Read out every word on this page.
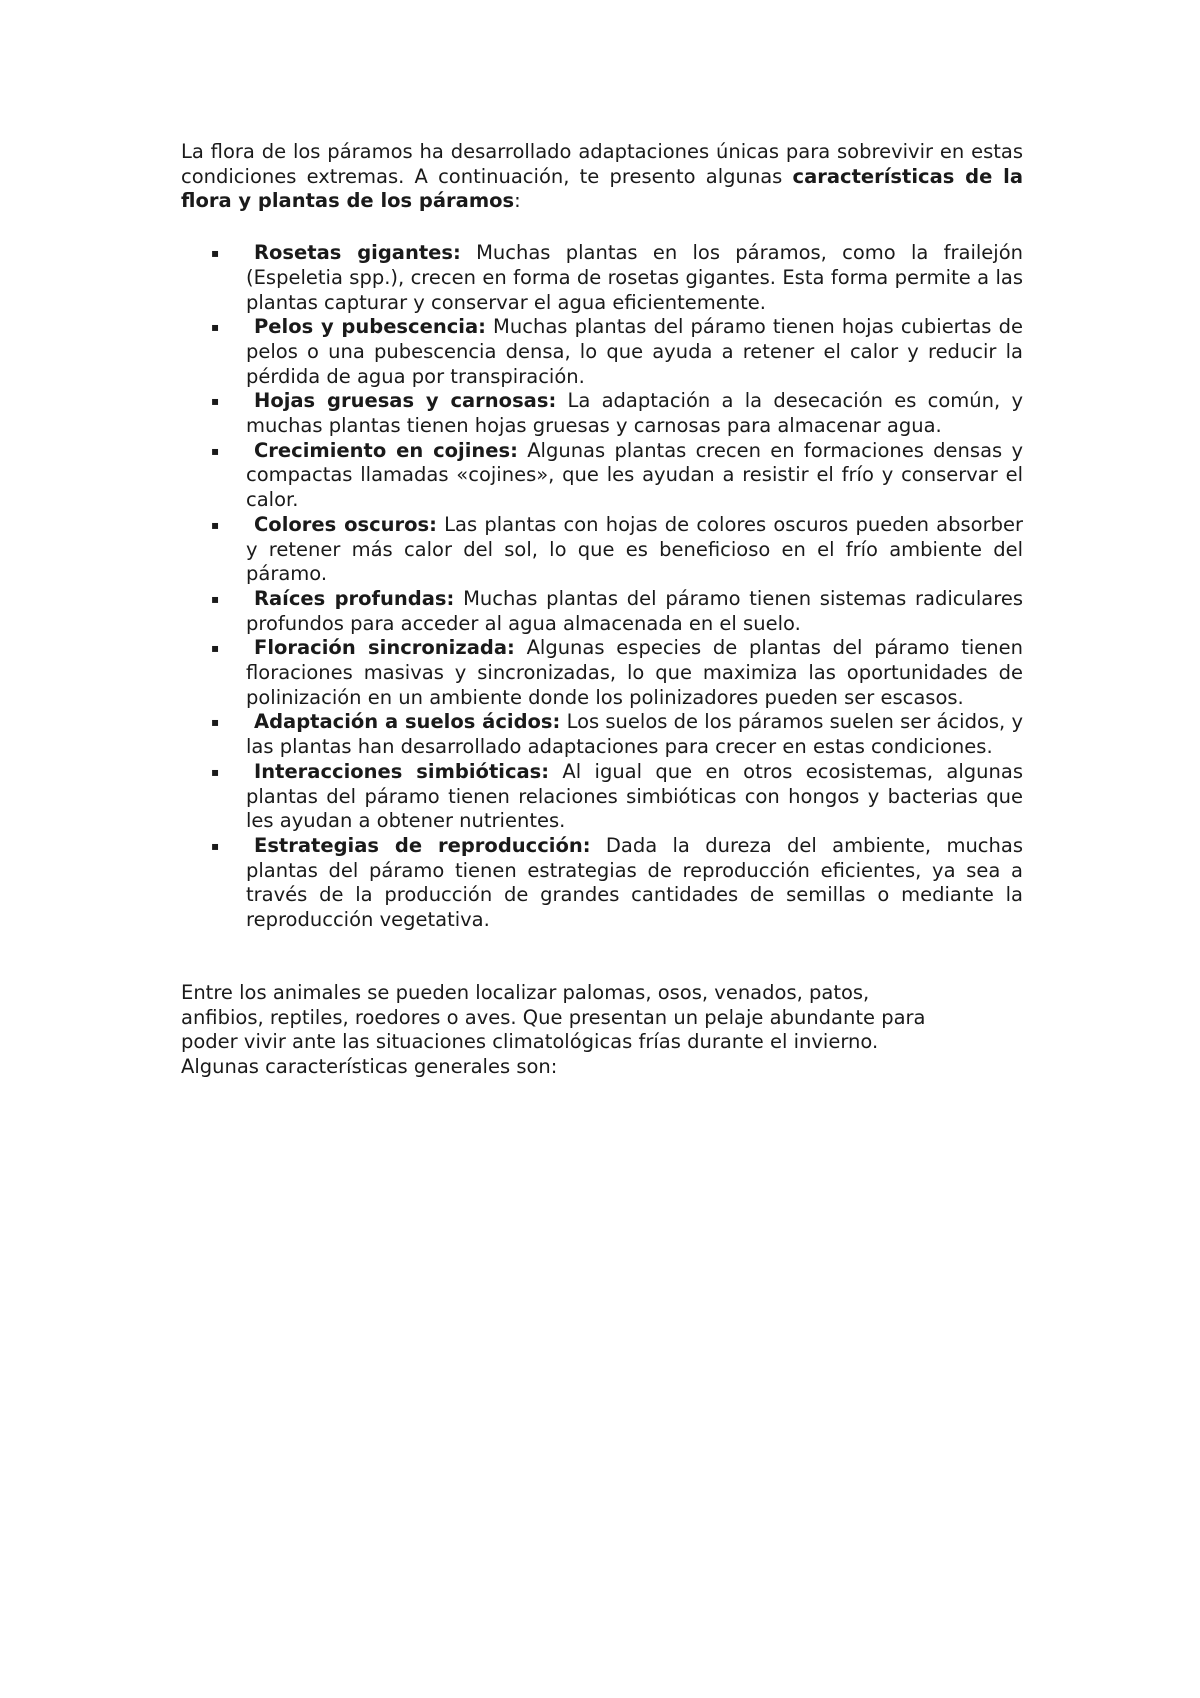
La flora de los páramos ha desarrollado adaptaciones únicas para sobrevivir en estas condiciones extremas. A continuación, te presento algunas características de la flora y plantas de los páramos:

▪ Rosetas gigantes: Muchas plantas en los páramos, como la frailejón (Espeletia spp.), crecen en forma de rosetas gigantes. Esta forma permite a las plantas capturar y conservar el agua eficientemente.
▪ Pelos y pubescencia: Muchas plantas del páramo tienen hojas cubiertas de pelos o una pubescencia densa, lo que ayuda a retener el calor y reducir la pérdida de agua por transpiración.
▪ Hojas gruesas y carnosas: La adaptación a la desecación es común, y muchas plantas tienen hojas gruesas y carnosas para almacenar agua.
▪ Crecimiento en cojines: Algunas plantas crecen en formaciones densas y compactas llamadas «cojines», que les ayudan a resistir el frío y conservar el calor.
▪ Colores oscuros: Las plantas con hojas de colores oscuros pueden absorber y retener más calor del sol, lo que es beneficioso en el frío ambiente del páramo.
▪ Raíces profundas: Muchas plantas del páramo tienen sistemas radiculares profundos para acceder al agua almacenada en el suelo.
▪ Floración sincronizada: Algunas especies de plantas del páramo tienen floraciones masivas y sincronizadas, lo que maximiza las oportunidades de polinización en un ambiente donde los polinizadores pueden ser escasos.
▪ Adaptación a suelos ácidos: Los suelos de los páramos suelen ser ácidos, y las plantas han desarrollado adaptaciones para crecer en estas condiciones.
▪ Interacciones simbióticas: Al igual que en otros ecosistemas, algunas plantas del páramo tienen relaciones simbióticas con hongos y bacterias que les ayudan a obtener nutrientes.
▪ Estrategias de reproducción: Dada la dureza del ambiente, muchas plantas del páramo tienen estrategias de reproducción eficientes, ya sea a través de la producción de grandes cantidades de semillas o mediante la reproducción vegetativa.

Entre los animales se pueden localizar palomas, osos, venados, patos,
anfibios, reptiles, roedores o aves. Que presentan un pelaje abundante para
poder vivir ante las situaciones climatológicas frías durante el invierno.
Algunas características generales son:
